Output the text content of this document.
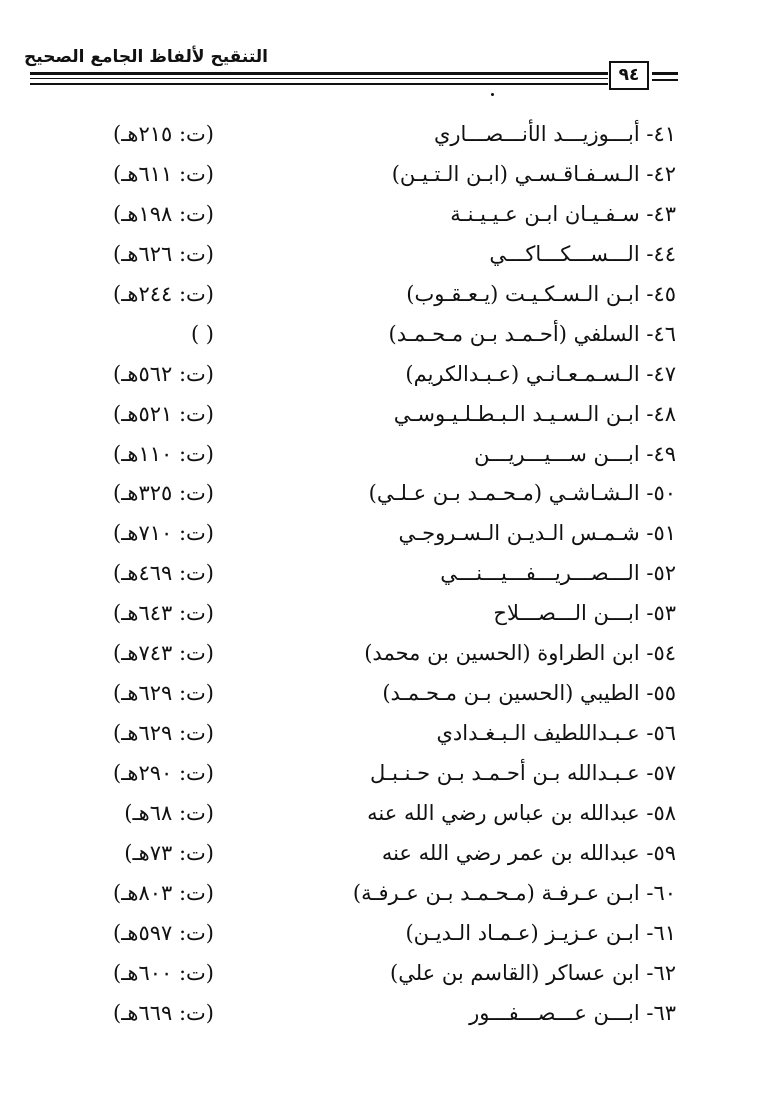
التنقيح لألفاظ الجامع الصحيح
٩٤
٤١- أبـــوزيـــد الأنـــصـــاري
(ت: ٢١٥هـ)
٤٢- الـسـفـاقـسـي (ابـن الـتـيـن)
(ت: ٦١١هـ)
٤٣- سـفـيـان ابـن عـيـيـنـة
(ت: ١٩٨هـ)
٤٤- الـــســـكـــاكـــي
(ت: ٦٢٦هـ)
٤٥- ابـن الـسـكـيـت (يـعـقـوب)
(ت: ٢٤٤هـ)
٤٦- السلفي (أحـمـد بـن مـحـمـد)
( )
٤٧- الـسـمـعـانـي (عـبـدالكريم)
(ت: ٥٦٢هـ)
٤٨- ابـن الـسـيـد الـبـطـلـيـوسـي
(ت: ٥٢١هـ)
٤٩- ابـــن ســـيـــريـــن
(ت: ١١٠هـ)
٥٠- الـشـاشـي (مـحـمـد بـن عـلـي)
(ت: ٣٢٥هـ)
٥١- شـمـس الـديـن الـسـروجـي
(ت: ٧١٠هـ)
٥٢- الـــصـــريـــفـــيـــنـــي
(ت: ٤٦٩هـ)
٥٣- ابـــن الـــصـــلاح
(ت: ٦٤٣هـ)
٥٤- ابن الطراوة (الحسين بن محمد)
(ت: ٧٤٣هـ)
٥٥- الطيبي (الحسين بـن مـحـمـد)
(ت: ٦٢٩هـ)
٥٦- عـبـداللطيف الـبـغـدادي
(ت: ٦٢٩هـ)
٥٧- عـبـدالله بـن أحـمـد بـن حـنـبـل
(ت: ٢٩٠هـ)
٥٨- عبدالله بن عباس رضي الله عنه
(ت: ٦٨هـ)
٥٩- عبدالله بن عمر رضي الله عنه
(ت: ٧٣هـ)
٦٠- ابـن عـرفـة (مـحـمـد بـن عـرفـة)
(ت: ٨٠٣هـ)
٦١- ابـن عـزيـز (عـمـاد الـديـن)
(ت: ٥٩٧هـ)
٦٢- ابن عساكر (القاسم بن علي)
(ت: ٦٠٠هـ)
٦٣- ابـــن عـــصـــفـــور
(ت: ٦٦٩هـ)
